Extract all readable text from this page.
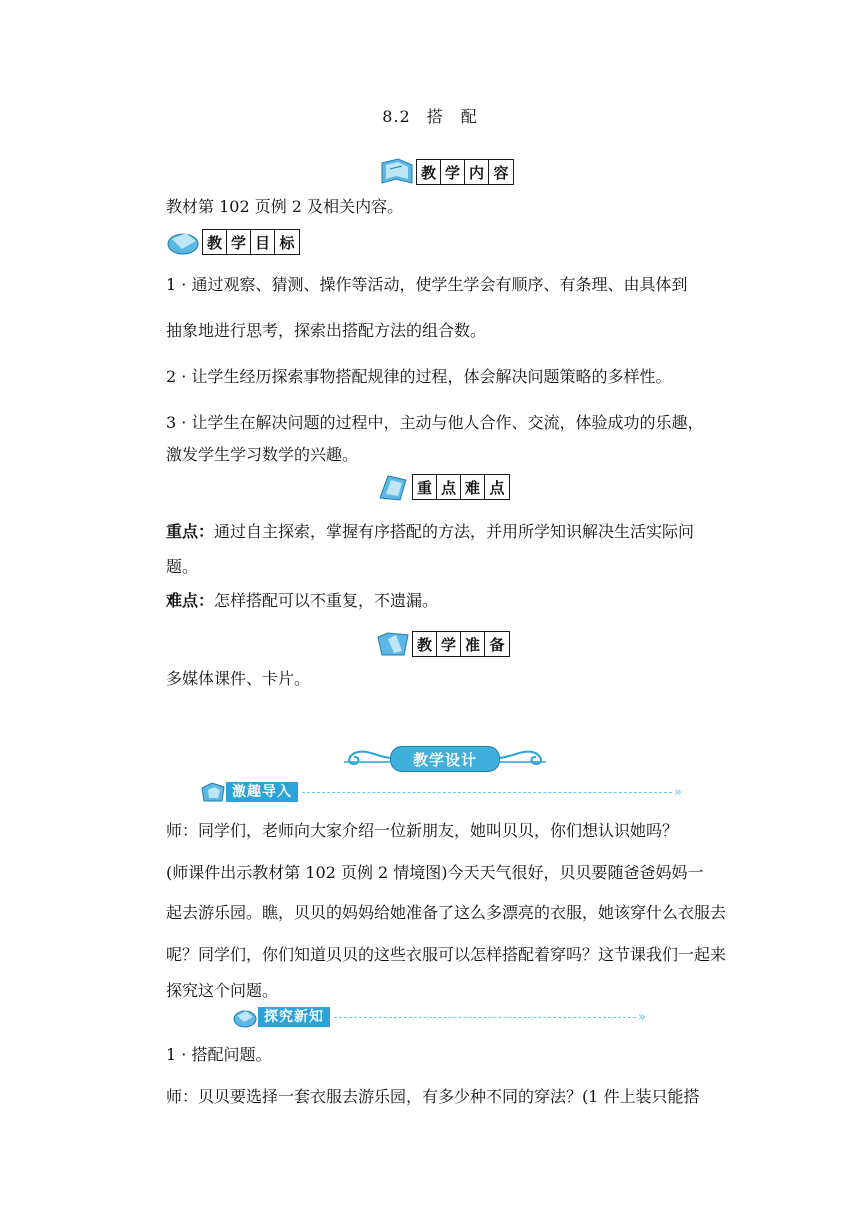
8.2 搭　配
教 学 内 容
教材第 102 页例 2 及相关内容。
教 学 目 标
1 · 通过观察、猜测、操作等活动，使学生学会有顺序、有条理、由具体到
抽象地进行思考，探索出搭配方法的组合数。
2 · 让学生经历探索事物搭配规律的过程，体会解决问题策略的多样性。
3 · 让学生在解决问题的过程中，主动与他人合作、交流，体验成功的乐趣，
激发学生学习数学的兴趣。
重 点 难 点
重点：通过自主探索，掌握有序搭配的方法，并用所学知识解决生活实际问
题。
难点：怎样搭配可以不重复，不遗漏。
教 学 准 备
多媒体课件、卡片。
教学设计
激趣导入	»
师：同学们，老师向大家介绍一位新朋友，她叫贝贝，你们想认识她吗？
(师课件出示教材第 102 页例 2 情境图)今天天气很好，贝贝要随爸爸妈妈一
起去游乐园。瞧，贝贝的妈妈给她准备了这么多漂亮的衣服，她该穿什么衣服去
呢？同学们，你们知道贝贝的这些衣服可以怎样搭配着穿吗？这节课我们一起来
探究这个问题。
探究新知	»
1 · 搭配问题。
师：贝贝要选择一套衣服去游乐园，有多少种不同的穿法？(1 件上装只能搭
